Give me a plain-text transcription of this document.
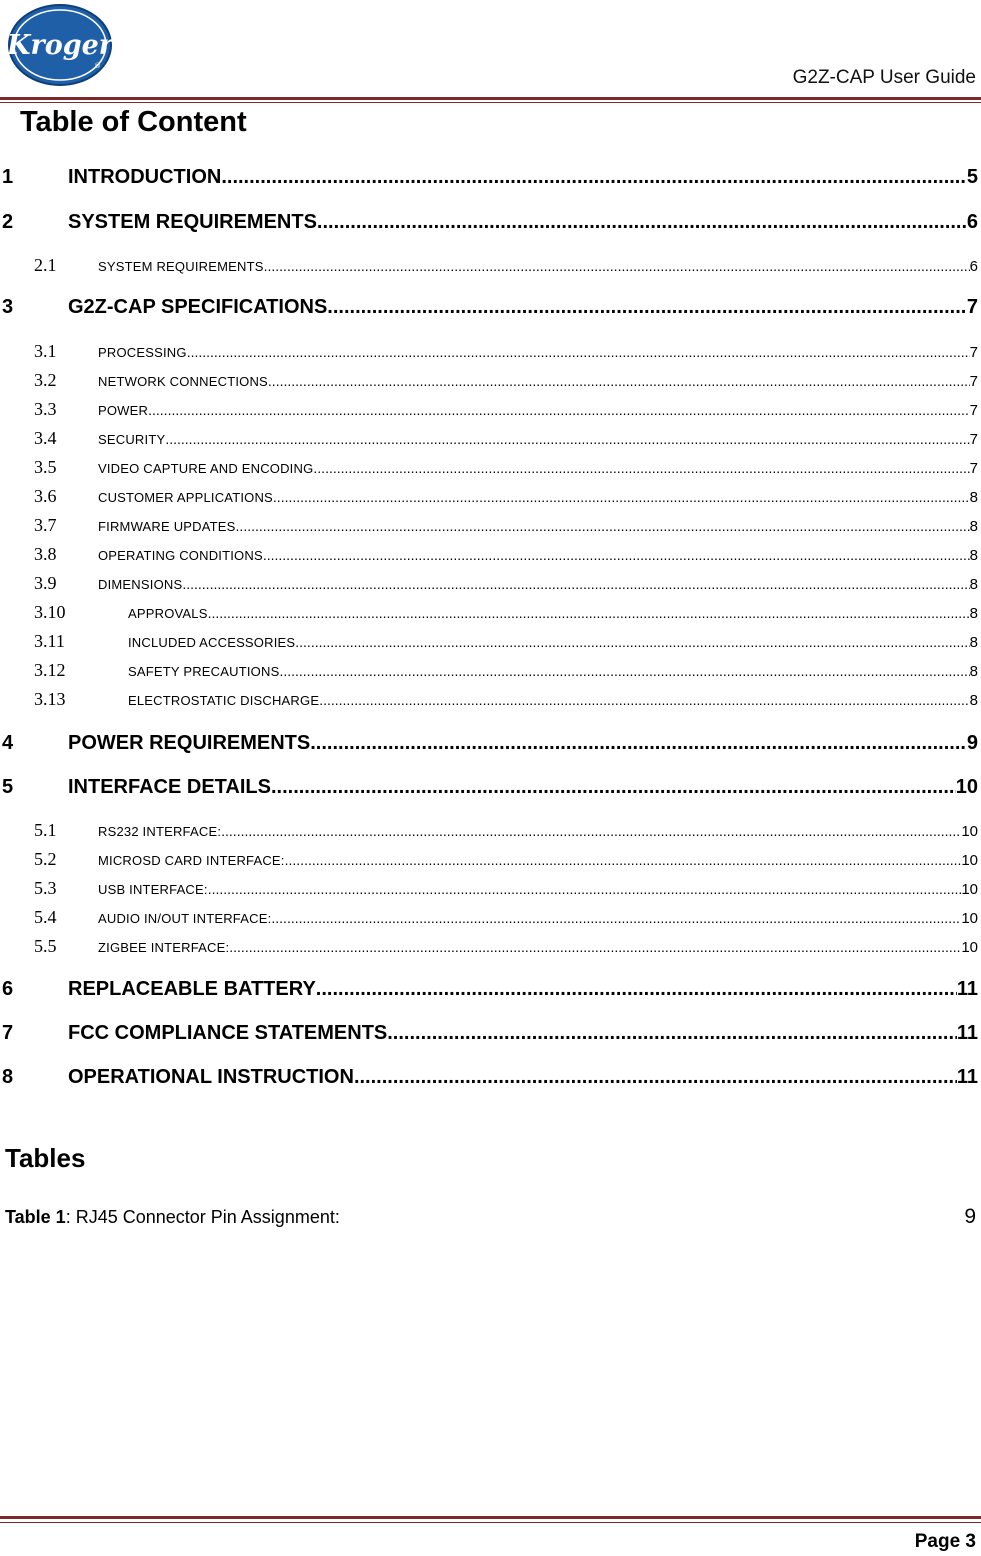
Kroger
®
G2Z-CAP User Guide
Table of Content
1	INTRODUCTION .....	5
2	SYSTEM REQUIREMENTS .....	6
2.1	SYSTEM REQUIREMENTS .....	6
3	G2Z-CAP SPECIFICATIONS .....	7
3.1	PROCESSING .....	7
3.2	NETWORK CONNECTIONS .....	7
3.3	POWER .....	7
3.4	SECURITY .....	7
3.5	VIDEO CAPTURE AND ENCODING .....	7
3.6	CUSTOMER APPLICATIONS .....	8
3.7	FIRMWARE UPDATES .....	8
3.8	OPERATING CONDITIONS .....	8
3.9	DIMENSIONS .....	8
3.10	APPROVALS .....	8
3.11	INCLUDED ACCESSORIES .....	8
3.12	SAFETY PRECAUTIONS .....	8
3.13	ELECTROSTATIC DISCHARGE .....	8
4	POWER REQUIREMENTS .....	9
5	INTERFACE DETAILS .....	10
5.1	RS232 INTERFACE: .....	10
5.2	MICROSD CARD INTERFACE: .....	10
5.3	USB INTERFACE: .....	10
5.4	AUDIO IN/OUT INTERFACE: .....	10
5.5	ZIGBEE INTERFACE: .....	10
6	REPLACEABLE BATTERY .....	11
7	FCC COMPLIANCE STATEMENTS .....	11
8	OPERATIONAL INSTRUCTION .....	11
Tables
Table 1: RJ45 Connector Pin Assignment:	9
Page 3
